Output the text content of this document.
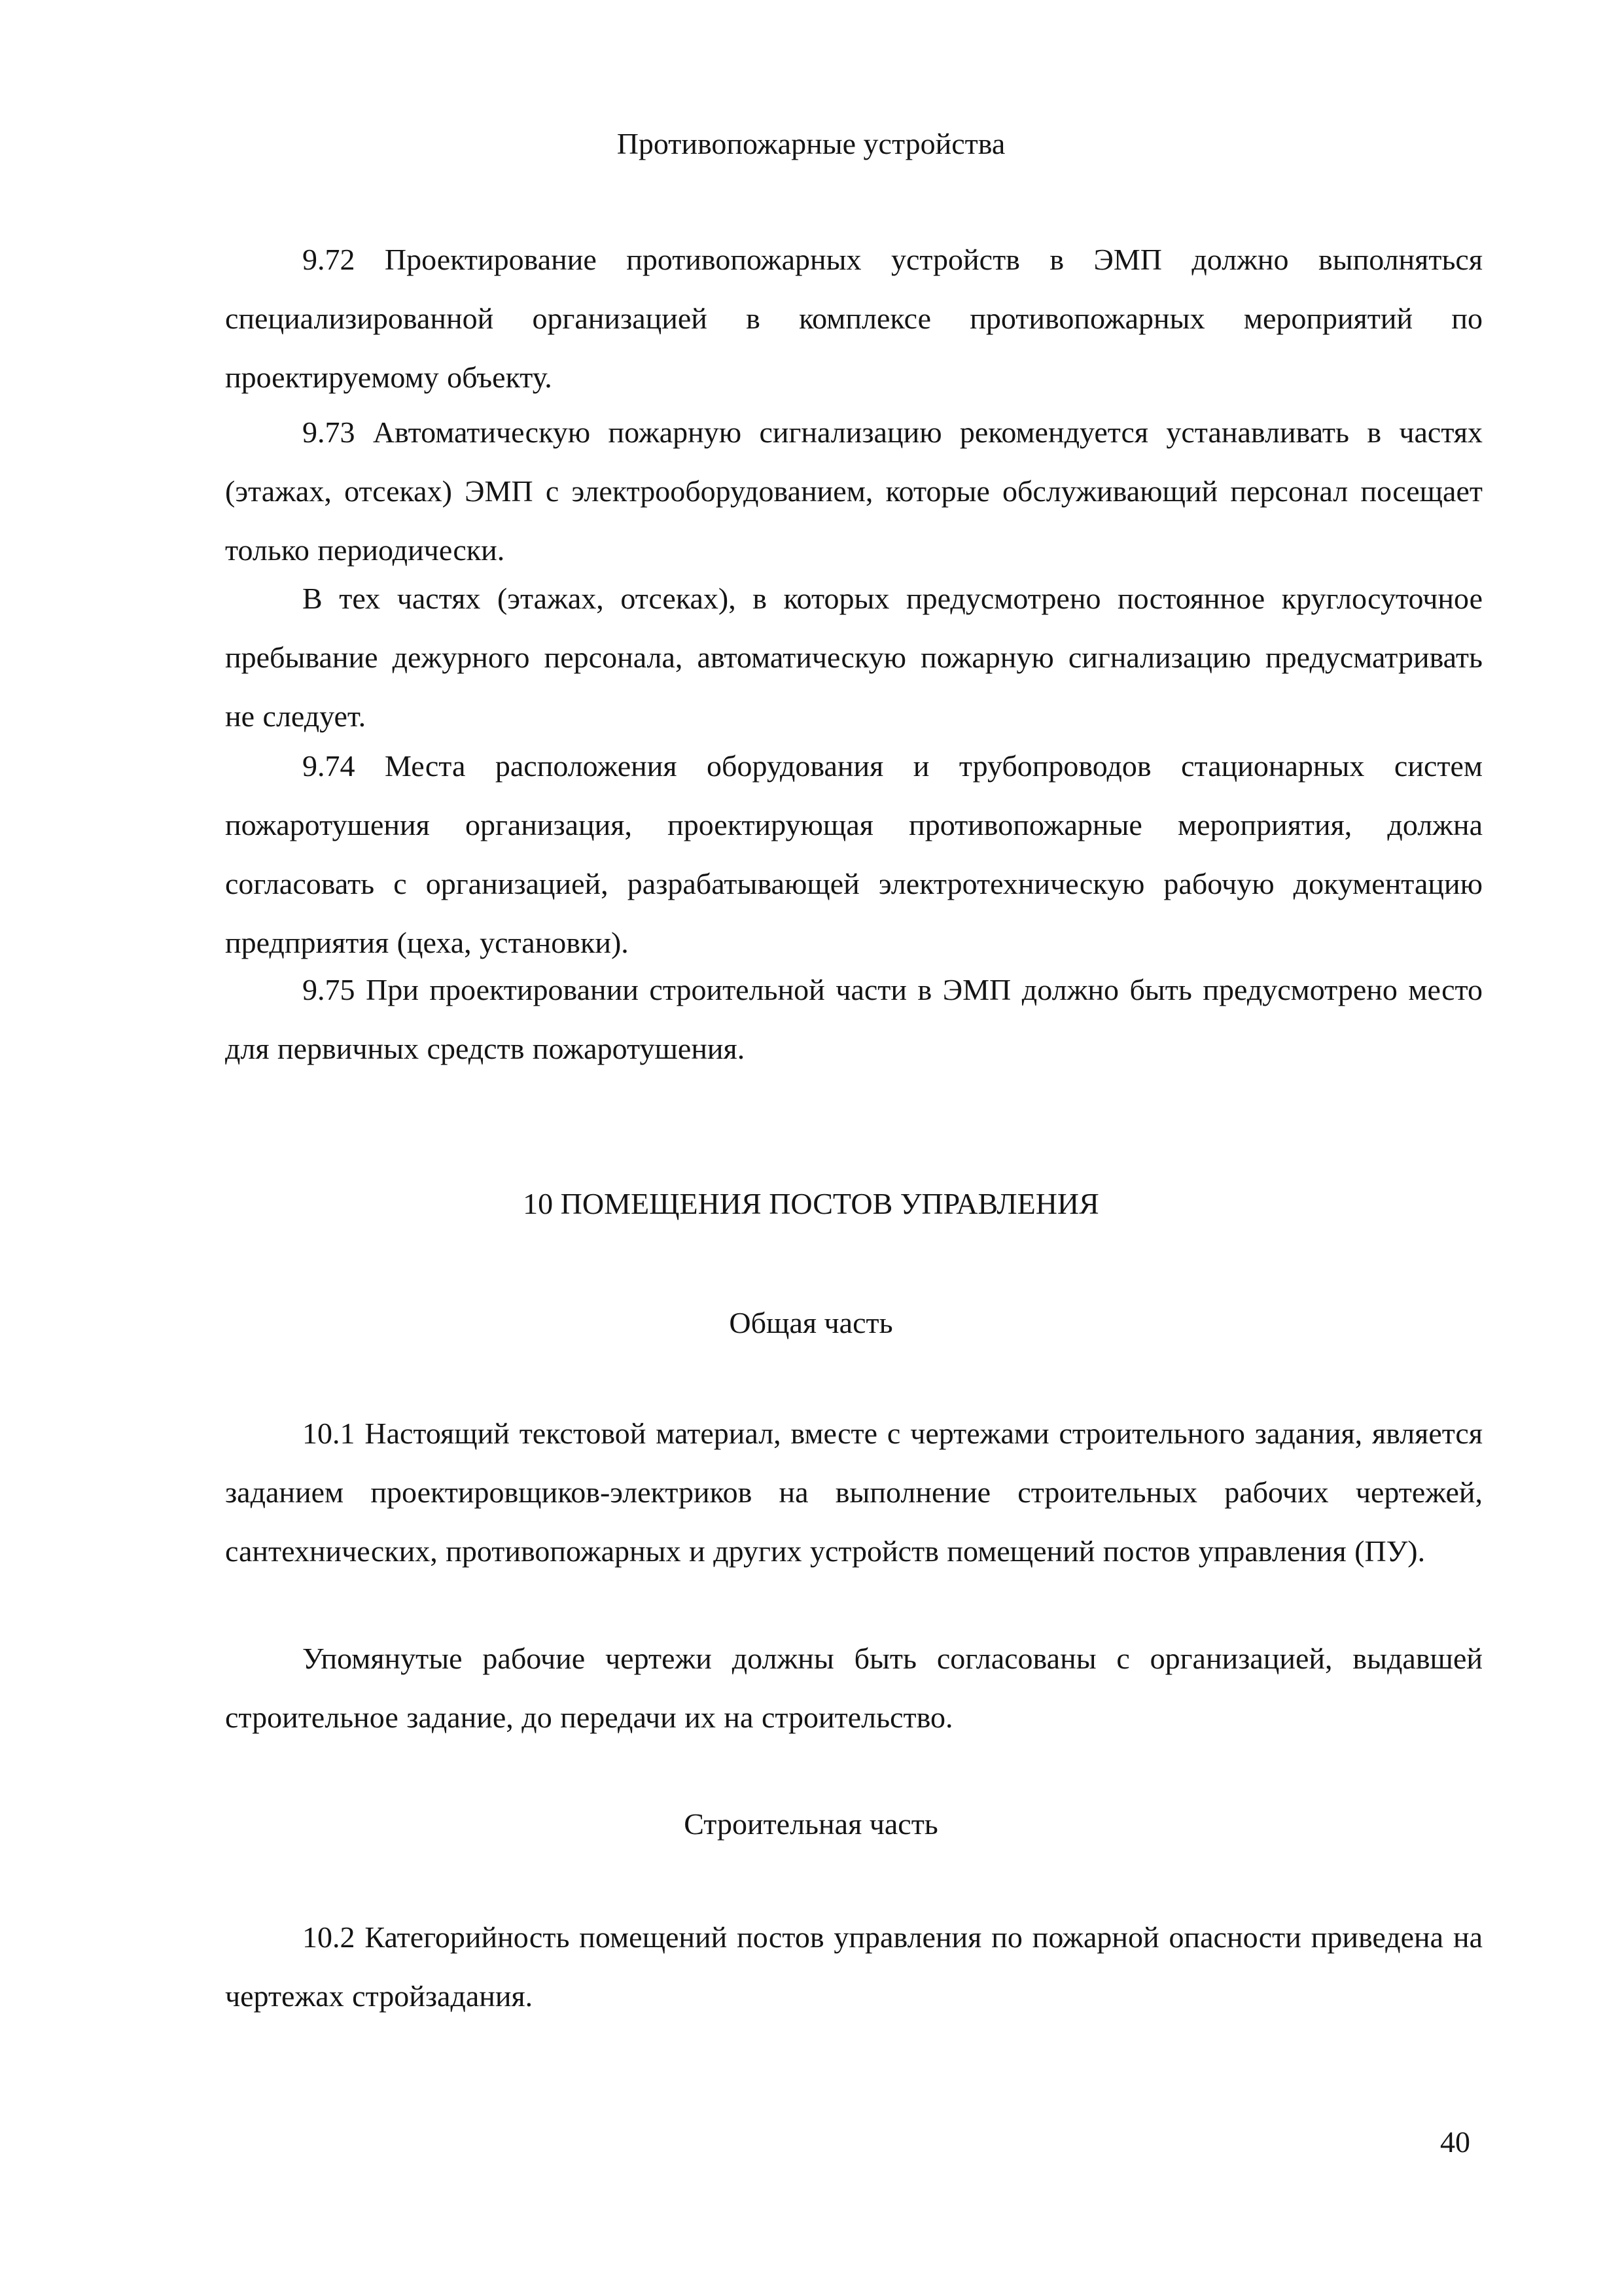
Противопожарные устройства

9.72 Проектирование противопожарных устройств в ЭМП должно выполняться специализированной организацией в комплексе противопожарных мероприятий по проектируемому объекту.

9.73 Автоматическую пожарную сигнализацию рекомендуется устанавливать в частях (этажах, отсеках) ЭМП с электрооборудованием, которые обслуживающий персонал посещает только периодически.

В тех частях (этажах, отсеках), в которых предусмотрено постоянное круглосуточное пребывание дежурного персонала, автоматическую пожарную сигнализацию предусматривать не следует.

9.74 Места расположения оборудования и трубопроводов стационарных систем пожаротушения организация, проектирующая противопожарные мероприятия, должна согласовать с организацией, разрабатывающей электротехническую рабочую документацию предприятия (цеха, установки).

9.75 При проектировании строительной части в ЭМП должно быть предусмотрено место для первичных средств пожаротушения.

10 ПОМЕЩЕНИЯ ПОСТОВ УПРАВЛЕНИЯ
Общая часть

10.1 Настоящий текстовой материал, вместе с чертежами строительного задания, является заданием проектировщиков-электриков на выполнение строительных рабочих чертежей, сантехнических, противопожарных и других устройств помещений постов управления (ПУ).

Упомянутые рабочие чертежи должны быть согласованы с организацией, выдавшей строительное задание, до передачи их на строительство.

Строительная часть

10.2 Категорийность помещений постов управления по пожарной опасности приведена на чертежах стройзадания.

40
